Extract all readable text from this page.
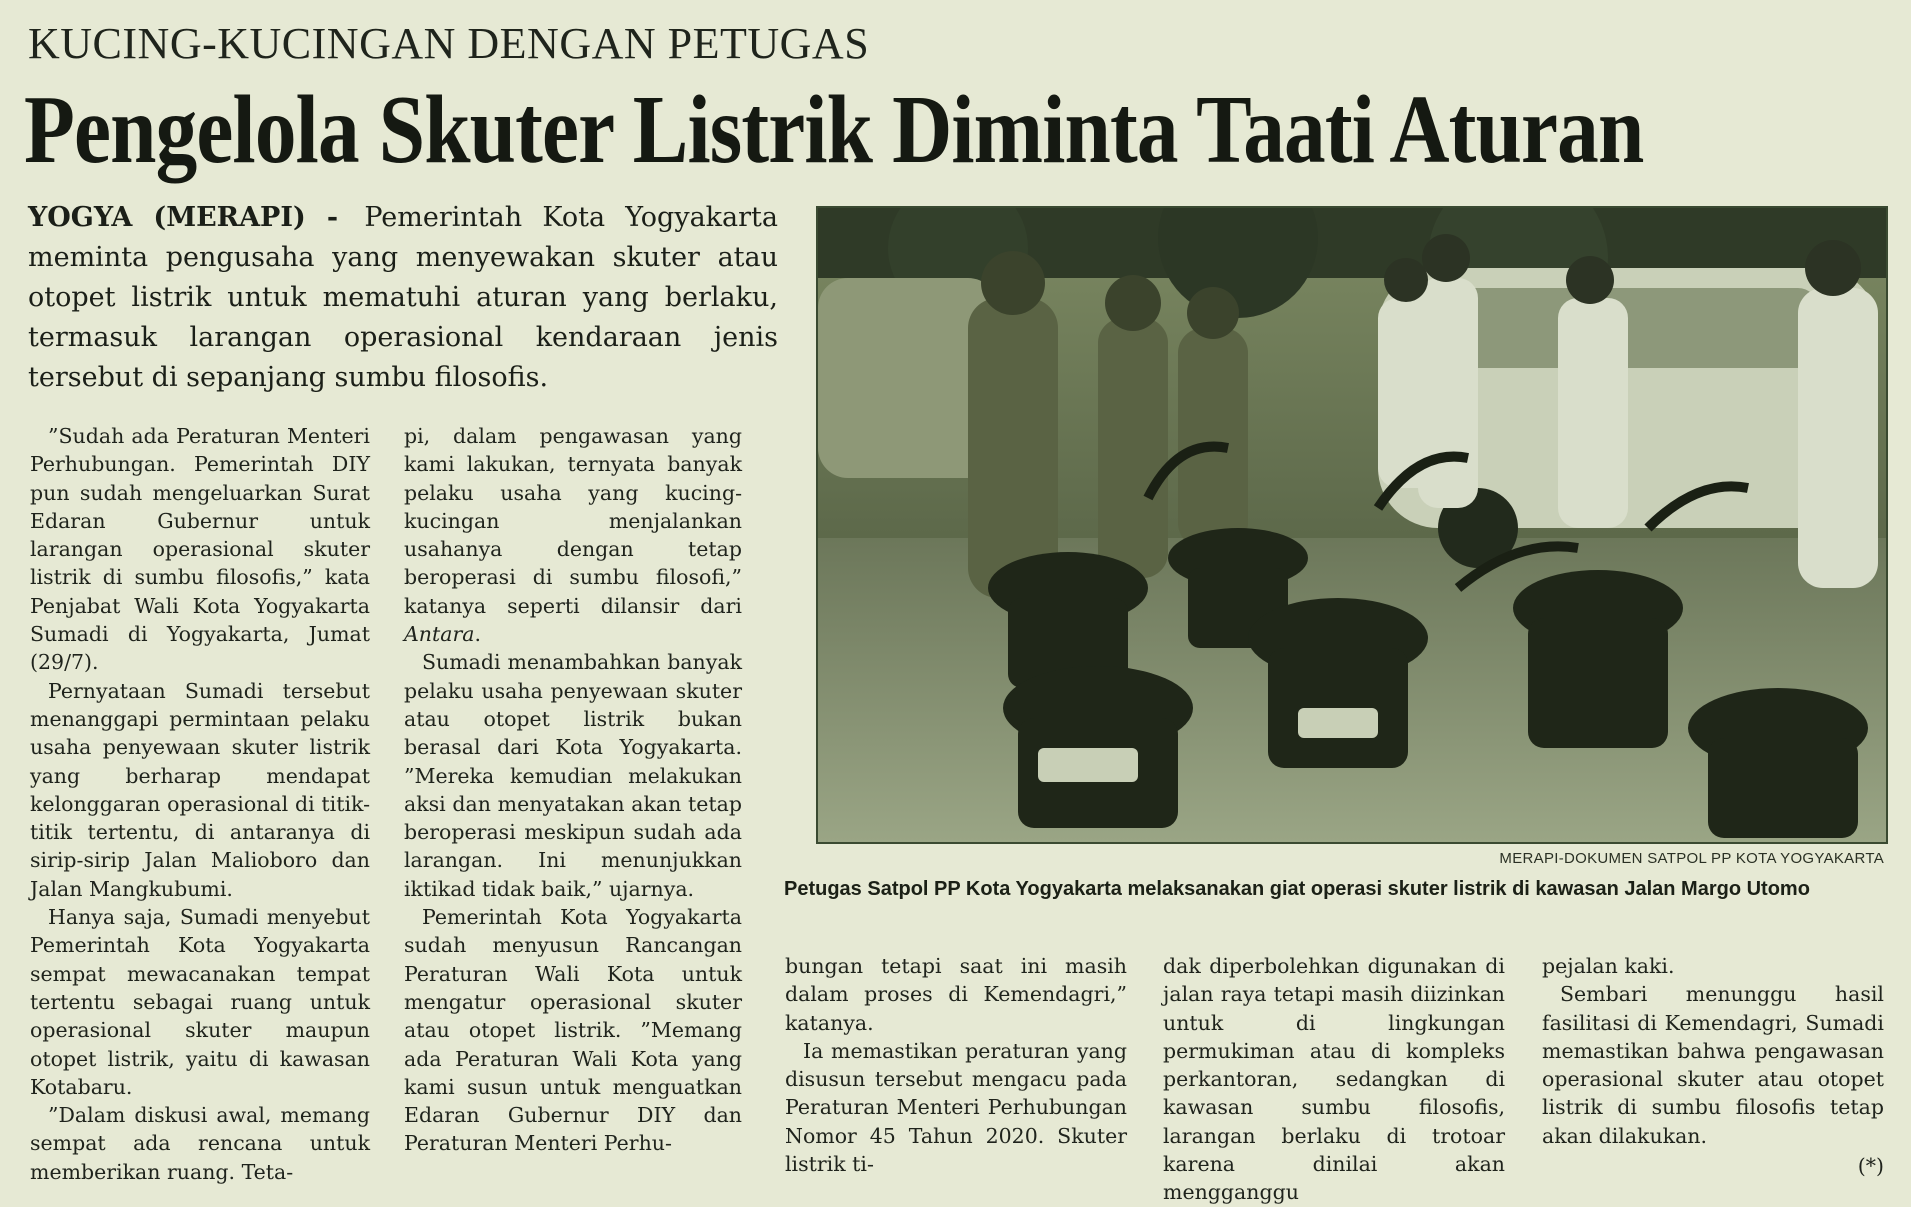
KUCING-KUCINGAN DENGAN PETUGAS
Pengelola Skuter Listrik Diminta Taati Aturan
YOGYA (MERAPI) - Pemerintah Kota Yogyakarta meminta pengusaha yang menyewakan skuter atau otopet listrik untuk mematuhi aturan yang berlaku, termasuk larangan operasional kendaraan jenis tersebut di sepanjang sumbu filosofis.

”Sudah ada Peraturan Menteri Perhubungan. Pemerintah DIY pun sudah mengeluarkan Surat Edaran Gubernur untuk larangan operasional skuter listrik di sumbu filosofis,” kata Penjabat Wali Kota Yogyakarta Sumadi di Yogyakarta, Jumat (29/7).

Pernyataan Sumadi tersebut menanggapi permintaan pelaku usaha penyewaan skuter listrik yang berharap mendapat kelonggaran operasional di titik-titik tertentu, di antaranya di sirip-sirip Jalan Malioboro dan Jalan Mangkubumi.

Hanya saja, Sumadi menyebut Pemerintah Kota Yogyakarta sempat mewacanakan tempat tertentu sebagai ruang untuk operasional skuter maupun otopet listrik, yaitu di kawasan Kotabaru.

”Dalam diskusi awal, memang sempat ada rencana untuk memberikan ruang. Teta-

pi, dalam pengawasan yang kami lakukan, ternyata banyak pelaku usaha yang kucing-kucingan menjalankan usahanya dengan tetap beroperasi di sumbu filosofi,” katanya seperti dilansir dari Antara.

Sumadi menambahkan banyak pelaku usaha penyewaan skuter atau otopet listrik bukan berasal dari Kota Yogyakarta. ”Mereka kemudian melakukan aksi dan menyatakan akan tetap beroperasi meskipun sudah ada larangan. Ini menunjukkan iktikad tidak baik,” ujarnya.

Pemerintah Kota Yogyakarta sudah menyusun Rancangan Peraturan Wali Kota untuk mengatur operasional skuter atau otopet listrik. ”Memang ada Peraturan Wali Kota yang kami susun untuk menguatkan Edaran Gubernur DIY dan Peraturan Menteri Perhu-

MERAPI-DOKUMEN SATPOL PP KOTA YOGYAKARTA
Petugas Satpol PP Kota Yogyakarta melaksanakan giat operasi skuter listrik di kawasan Jalan Margo Utomo

bungan tetapi saat ini masih dalam proses di Kemendagri,” katanya.

Ia memastikan peraturan yang disusun tersebut mengacu pada Peraturan Menteri Perhubungan Nomor 45 Tahun 2020. Skuter listrik ti-

dak diperbolehkan digunakan di jalan raya tetapi masih diizinkan untuk di lingkungan permukiman atau di kompleks perkantoran, sedangkan di kawasan sumbu filosofis, larangan berlaku di trotoar karena dinilai akan mengganggu

pejalan kaki.

Sembari menunggu hasil fasilitasi di Kemendagri, Sumadi memastikan bahwa pengawasan operasional skuter atau otopet listrik di sumbu filosofis tetap akan dilakukan.

(*)
